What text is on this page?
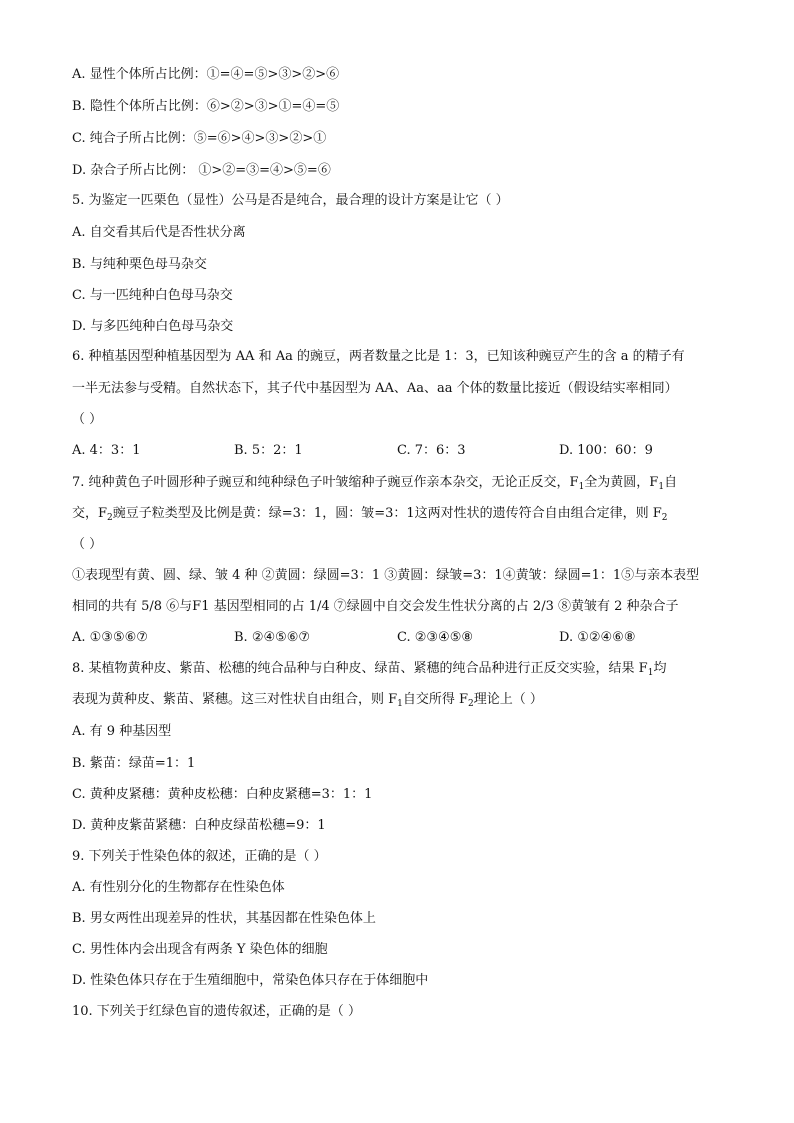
A. 显性个体所占比例：①=④=⑤>③>②>⑥
B. 隐性个体所占比例：⑥>②>③>①=④=⑤
C. 纯合子所占比例：⑤=⑥>④>③>②>①
D. 杂合子所占比例： ①>②=③=④>⑤=⑥
5. 为鉴定一匹栗色（显性）公马是否是纯合，最合理的设计方案是让它（ ）
A. 自交看其后代是否性状分离
B. 与纯种栗色母马杂交
C. 与一匹纯种白色母马杂交
D. 与多匹纯种白色母马杂交
6. 种植基因型种植基因型为 AA 和 Aa 的豌豆，两者数量之比是 1：3，已知该种豌豆产生的含 a 的精子有
一半无法参与受精。自然状态下，其子代中基因型为 AA、Aa、aa 个体的数量比接近（假设结实率相同）
（ ）
A. 4：3：1	B. 5：2：1	C. 7：6：3	D. 100：60：9
7. 纯种黄色子叶圆形种子豌豆和纯种绿色子叶皱缩种子豌豆作亲本杂交，无论正反交，$F_1$全为黄圆，$F_1$自
交，$F_2$豌豆子粒类型及比例是黄：绿=3：1，圆：皱=3：1这两对性状的遗传符合自由组合定律，则 $F_2$
（ ）
①表现型有黄、圆、绿、皱 4 种 ②黄圆：绿圆=3：1 ③黄圆：绿皱=3：1④黄皱：绿圆=1：1⑤与亲本表型
相同的共有 5/8 ⑥与F1 基因型相同的占 1/4 ⑦绿圆中自交会发生性状分离的占 2/3 ⑧黄皱有 2 种杂合子
A. ①③⑤⑥⑦	B. ②④⑤⑥⑦	C. ②③④⑤⑧	D. ①②④⑥⑧
8. 某植物黄种皮、紫苗、松穗的纯合品种与白种皮、绿苗、紧穗的纯合品种进行正反交实验，结果 $F_1$均
表现为黄种皮、紫苗、紧穗。这三对性状自由组合，则 $F_1$自交所得 $F_2$理论上（ ）
A. 有 9 种基因型
B. 紫苗：绿苗=1：1
C. 黄种皮紧穗：黄种皮松穗：白种皮紧穗=3：1：1
D. 黄种皮紫苗紧穗：白种皮绿苗松穗=9：1
9. 下列关于性染色体的叙述，正确的是（ ）
A. 有性别分化的生物都存在性染色体
B. 男女两性出现差异的性状，其基因都在性染色体上
C. 男性体内会出现含有两条 Y 染色体的细胞
D. 性染色体只存在于生殖细胞中，常染色体只存在于体细胞中
10. 下列关于红绿色盲的遗传叙述，正确的是（ ）
